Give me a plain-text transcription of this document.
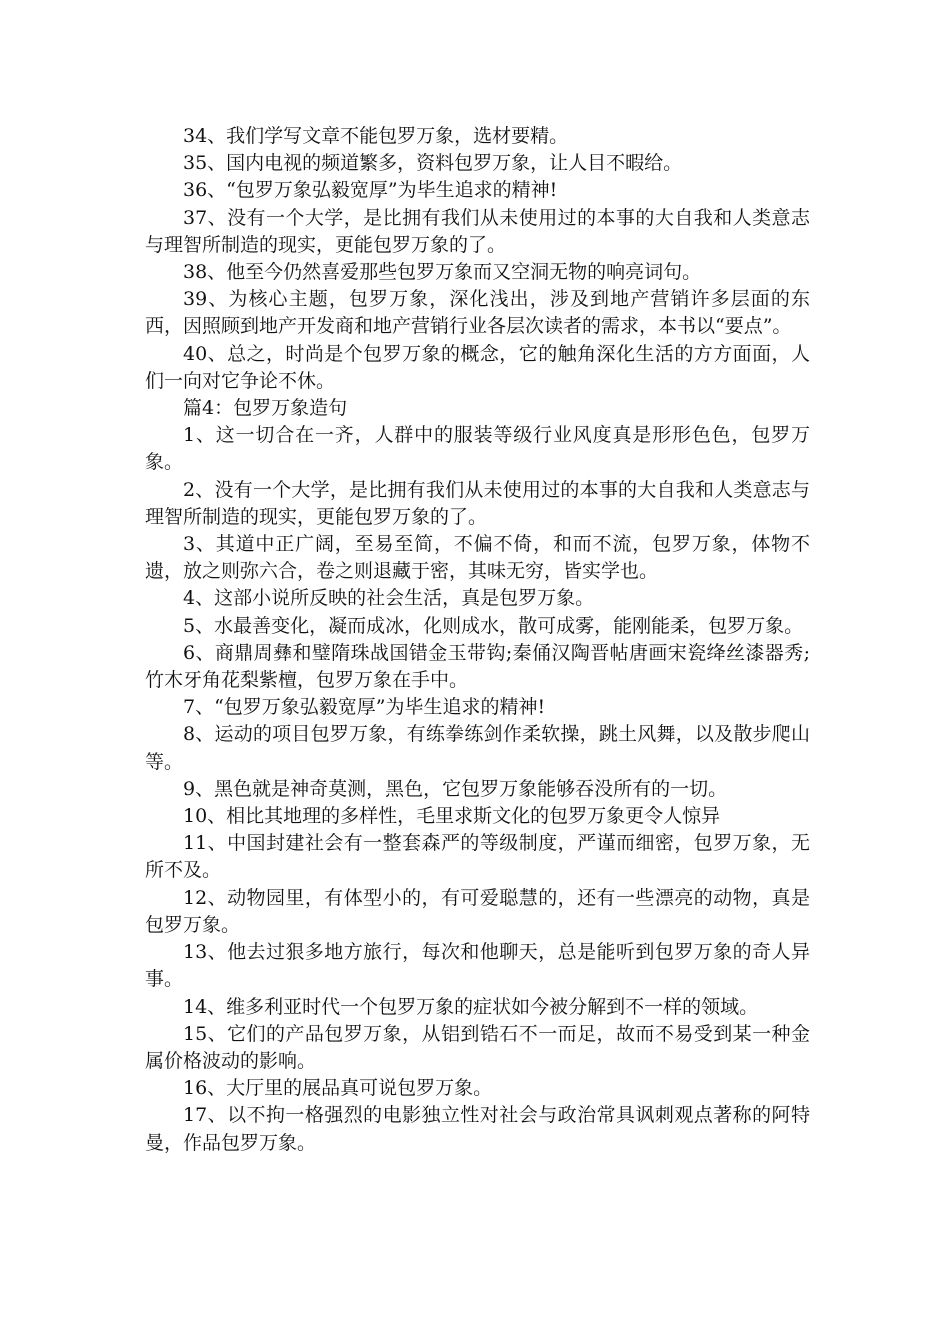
34、我们学写文章不能包罗万象，选材要精。

35、国内电视的频道繁多，资料包罗万象，让人目不暇给。

36、“包罗万象弘毅宽厚”为毕生追求的精神!

37、没有一个大学，是比拥有我们从未使用过的本事的大自我和人类意志与理智所制造的现实，更能包罗万象的了。

38、他至今仍然喜爱那些包罗万象而又空洞无物的响亮词句。

39、为核心主题，包罗万象，深化浅出，涉及到地产营销许多层面的东西，因照顾到地产开发商和地产营销行业各层次读者的需求，本书以“要点”。

40、总之，时尚是个包罗万象的概念，它的触角深化生活的方方面面，人们一向对它争论不休。

篇4：包罗万象造句

1、这一切合在一齐，人群中的服装等级行业风度真是形形色色，包罗万象。

2、没有一个大学，是比拥有我们从未使用过的本事的大自我和人类意志与理智所制造的现实，更能包罗万象的了。

3、其道中正广阔，至易至简，不偏不倚，和而不流，包罗万象，体物不遗，放之则弥六合，卷之则退藏于密，其味无穷，皆实学也。

4、这部小说所反映的社会生活，真是包罗万象。

5、水最善变化，凝而成冰，化则成水，散可成雾，能刚能柔，包罗万象。

6、商鼎周彝和璧隋珠战国错金玉带钩;秦俑汉陶晋帖唐画宋瓷绛丝漆器秀;竹木牙角花梨紫檀，包罗万象在手中。

7、“包罗万象弘毅宽厚”为毕生追求的精神!

8、运动的项目包罗万象，有练拳练剑作柔软操，跳土风舞，以及散步爬山等。

9、黑色就是神奇莫测，黑色，它包罗万象能够吞没所有的一切。

10、相比其地理的多样性，毛里求斯文化的包罗万象更令人惊异

11、中国封建社会有一整套森严的等级制度，严谨而细密，包罗万象，无所不及。

12、动物园里，有体型小的，有可爱聪慧的，还有一些漂亮的动物，真是包罗万象。

13、他去过狠多地方旅行，每次和他聊天，总是能听到包罗万象的奇人异事。

14、维多利亚时代一个包罗万象的症状如今被分解到不一样的领域。

15、它们的产品包罗万象，从铝到锆石不一而足，故而不易受到某一种金属价格波动的影响。

16、大厅里的展品真可说包罗万象。

17、以不拘一格强烈的电影独立性对社会与政治常具讽刺观点著称的阿特曼，作品包罗万象。
